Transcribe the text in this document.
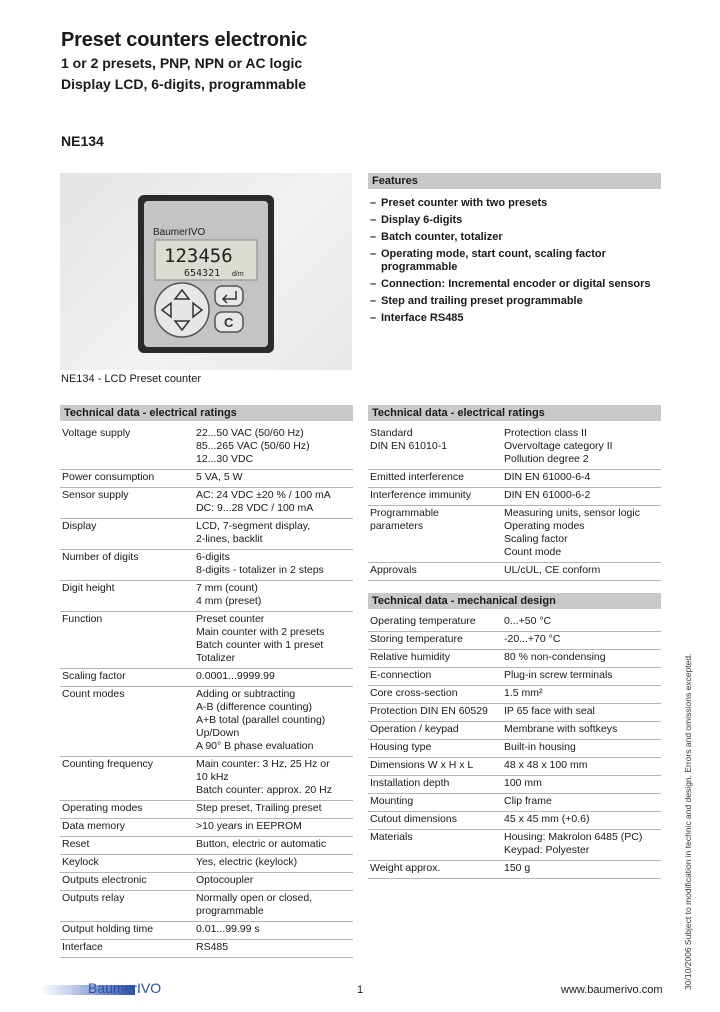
Preset counters electronic
1 or 2 presets, PNP, NPN or AC logic
Display LCD, 6-digits, programmable
NE134
BaumerIVO
123456
654321 d/m
C
NE134 - LCD Preset counter
Features
– Preset counter with two presets
– Display 6-digits
– Batch counter, totalizer
– Operating mode, start count, scaling factor programmable
– Connection: Incremental encoder or digital sensors
– Step and trailing preset programmable
– Interface RS485
Technical data - electrical ratings
Voltage supply	22...50 VAC (50/60 Hz)
85...265 VAC (50/60 Hz)
12...30 VDC
Power consumption	5 VA, 5 W
Sensor supply	AC: 24 VDC ±20 % / 100 mA
DC: 9...28 VDC / 100 mA
Display	LCD, 7-segment display,
2-lines, backlit
Number of digits	6-digits
8-digits - totalizer in 2 steps
Digit height	7 mm (count)
4 mm (preset)
Function	Preset counter
Main counter with 2 presets
Batch counter with 1 preset
Totalizer
Scaling factor	0.0001...9999.99
Count modes	Adding or subtracting
A-B (difference counting)
A+B total (parallel counting)
Up/Down
A 90° B phase evaluation
Counting frequency	Main counter: 3 Hz, 25 Hz or
10 kHz
Batch counter: approx. 20 Hz
Operating modes	Step preset, Trailing preset
Data memory	>10 years in EEPROM
Reset	Button, electric or automatic
Keylock	Yes, electric (keylock)
Outputs electronic	Optocoupler
Outputs relay	Normally open or closed,
programmable
Output holding time	0.01...99.99 s
Interface	RS485
Technical data - electrical ratings
Standard
DIN EN 61010-1	Protection class II
Overvoltage category II
Pollution degree 2
Emitted interference	DIN EN 61000-6-4
Interference immunity	DIN EN 61000-6-2
Programmable
parameters	Measuring units, sensor logic
Operating modes
Scaling factor
Count mode
Approvals	UL/cUL, CE conform
Technical data - mechanical design
Operating temperature	0...+50 °C
Storing temperature	-20...+70 °C
Relative humidity	80 % non-condensing
E-connection	Plug-in screw terminals
Core cross-section	1.5 mm²
Protection DIN EN 60529	IP 65 face with seal
Operation / keypad	Membrane with softkeys
Housing type	Built-in housing
Dimensions W x H x L	48 x 48 x 100 mm
Installation depth	100 mm
Mounting	Clip frame
Cutout dimensions	45 x 45 mm (+0.6)
Materials	Housing: Makrolon 6485 (PC)
Keypad: Polyester
Weight approx.	150 g
BaumerIVO	1	www.baumerivo.com 30/10/2006 Subject to modification in technic and design. Errors and omissions excepted.
